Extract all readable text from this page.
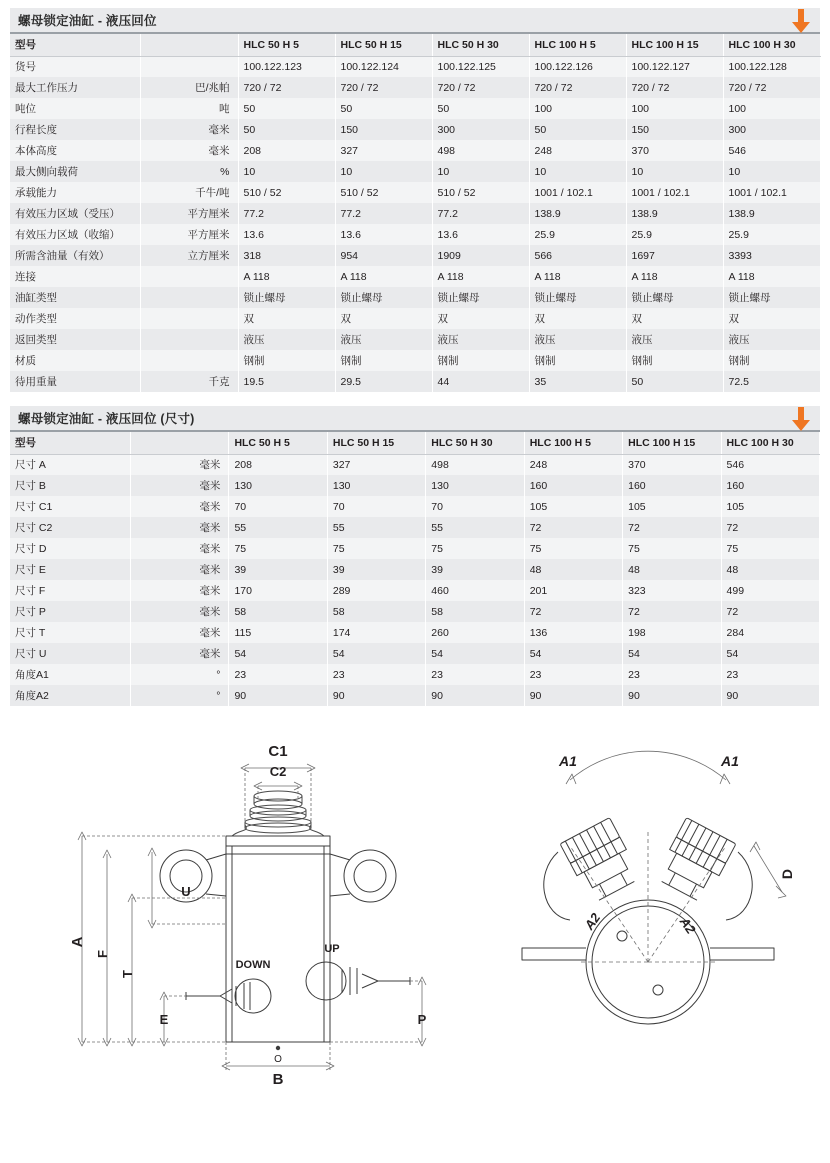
螺母锁定油缸 - 液压回位
型号		HLC 50 H 5	HLC 50 H 15	HLC 50 H 30	HLC 100 H 5	HLC 100 H 15	HLC 100 H 30
货号		100.122.123	100.122.124	100.122.125	100.122.126	100.122.127	100.122.128
最大工作压力	巴/兆帕	720 / 72	720 / 72	720 / 72	720 / 72	720 / 72	720 / 72
吨位	吨	50	50	50	100	100	100
行程长度	毫米	50	150	300	50	150	300
本体高度	毫米	208	327	498	248	370	546
最大侧向载荷	%	10	10	10	10	10	10
承载能力	千牛/吨	510 / 52	510 / 52	510 / 52	1001 / 102.1	1001 / 102.1	1001 / 102.1
有效压力区域（受压）	平方厘米	77.2	77.2	77.2	138.9	138.9	138.9
有效压力区域（收缩）	平方厘米	13.6	13.6	13.6	25.9	25.9	25.9
所需含油量（有效）	立方厘米	318	954	1909	566	1697	3393
连接		A 118	A 118	A 118	A 118	A 118	A 118
油缸类型		锁止螺母	锁止螺母	锁止螺母	锁止螺母	锁止螺母	锁止螺母
动作类型		双	双	双	双	双	双
返回类型		液压	液压	液压	液压	液压	液压
材质		钢制	钢制	钢制	钢制	钢制	钢制
待用重量	千克	19.5	29.5	44	35	50	72.5
螺母锁定油缸 - 液压回位 (尺寸)
型号		HLC 50 H 5	HLC 50 H 15	HLC 50 H 30	HLC 100 H 5	HLC 100 H 15	HLC 100 H 30
尺寸 A	毫米	208	327	498	248	370	546
尺寸 B	毫米	130	130	130	160	160	160
尺寸 C1	毫米	70	70	70	105	105	105
尺寸 C2	毫米	55	55	55	72	72	72
尺寸 D	毫米	75	75	75	75	75	75
尺寸 E	毫米	39	39	39	48	48	48
尺寸 F	毫米	170	289	460	201	323	499
尺寸 P	毫米	58	58	58	72	72	72
尺寸 T	毫米	115	174	260	136	198	284
尺寸 U	毫米	54	54	54	54	54	54
角度A1	°	23	23	23	23	23	23
角度A2	°	90	90	90	90	90	90
C1
C2
A
F
T
U
E	P
B
O
DOWN
UP
A1	A1
A2	A2
D
